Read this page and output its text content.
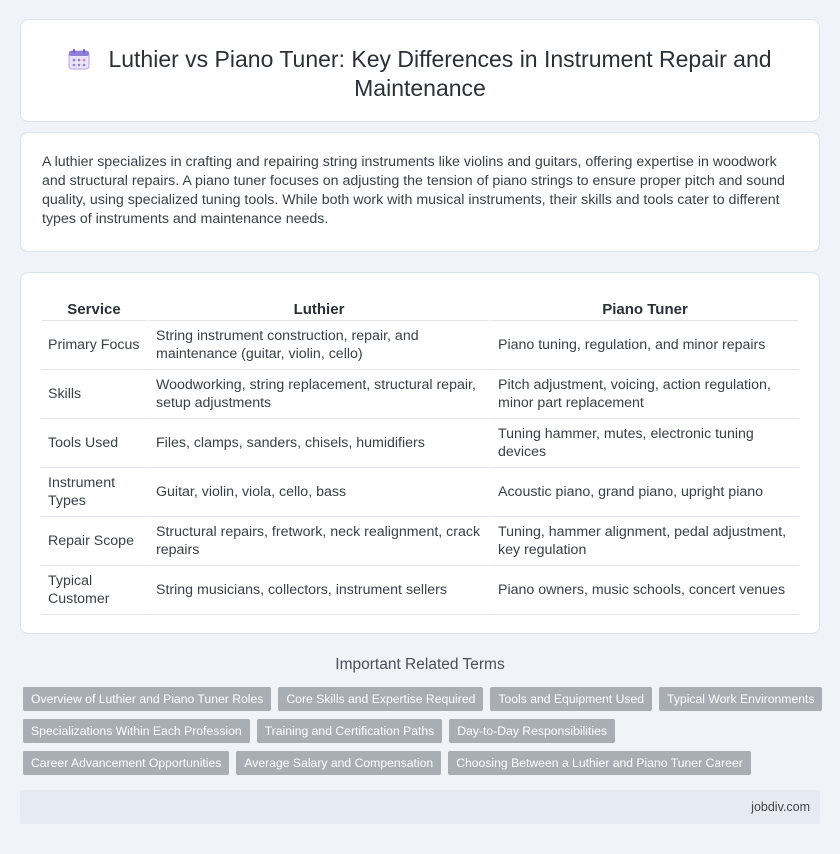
Luthier vs Piano Tuner: Key Differences in Instrument Repair and Maintenance

A luthier specializes in crafting and repairing string instruments like violins and guitars, offering expertise in woodwork and structural repairs. A piano tuner focuses on adjusting the tension of piano strings to ensure proper pitch and sound quality, using specialized tuning tools. While both work with musical instruments, their skills and tools cater to different types of instruments and maintenance needs.

Service	Luthier	Piano Tuner
Primary Focus	String instrument construction, repair, and maintenance (guitar, violin, cello)	Piano tuning, regulation, and minor repairs
Skills	Woodworking, string replacement, structural repair, setup adjustments	Pitch adjustment, voicing, action regulation, minor part replacement
Tools Used	Files, clamps, sanders, chisels, humidifiers	Tuning hammer, mutes, electronic tuning devices
Instrument Types	Guitar, violin, viola, cello, bass	Acoustic piano, grand piano, upright piano
Repair Scope	Structural repairs, fretwork, neck realignment, crack repairs	Tuning, hammer alignment, pedal adjustment, key regulation
Typical Customer	String musicians, collectors, instrument sellers	Piano owners, music schools, concert venues
Important Related Terms
Overview of Luthier and Piano Tuner Roles	Core Skills and Expertise Required	Tools and Equipment Used	Typical Work Environments
Specializations Within Each Profession	Training and Certification Paths	Day-to-Day Responsibilities
Career Advancement Opportunities	Average Salary and Compensation	Choosing Between a Luthier and Piano Tuner Career
jobdiv.com
